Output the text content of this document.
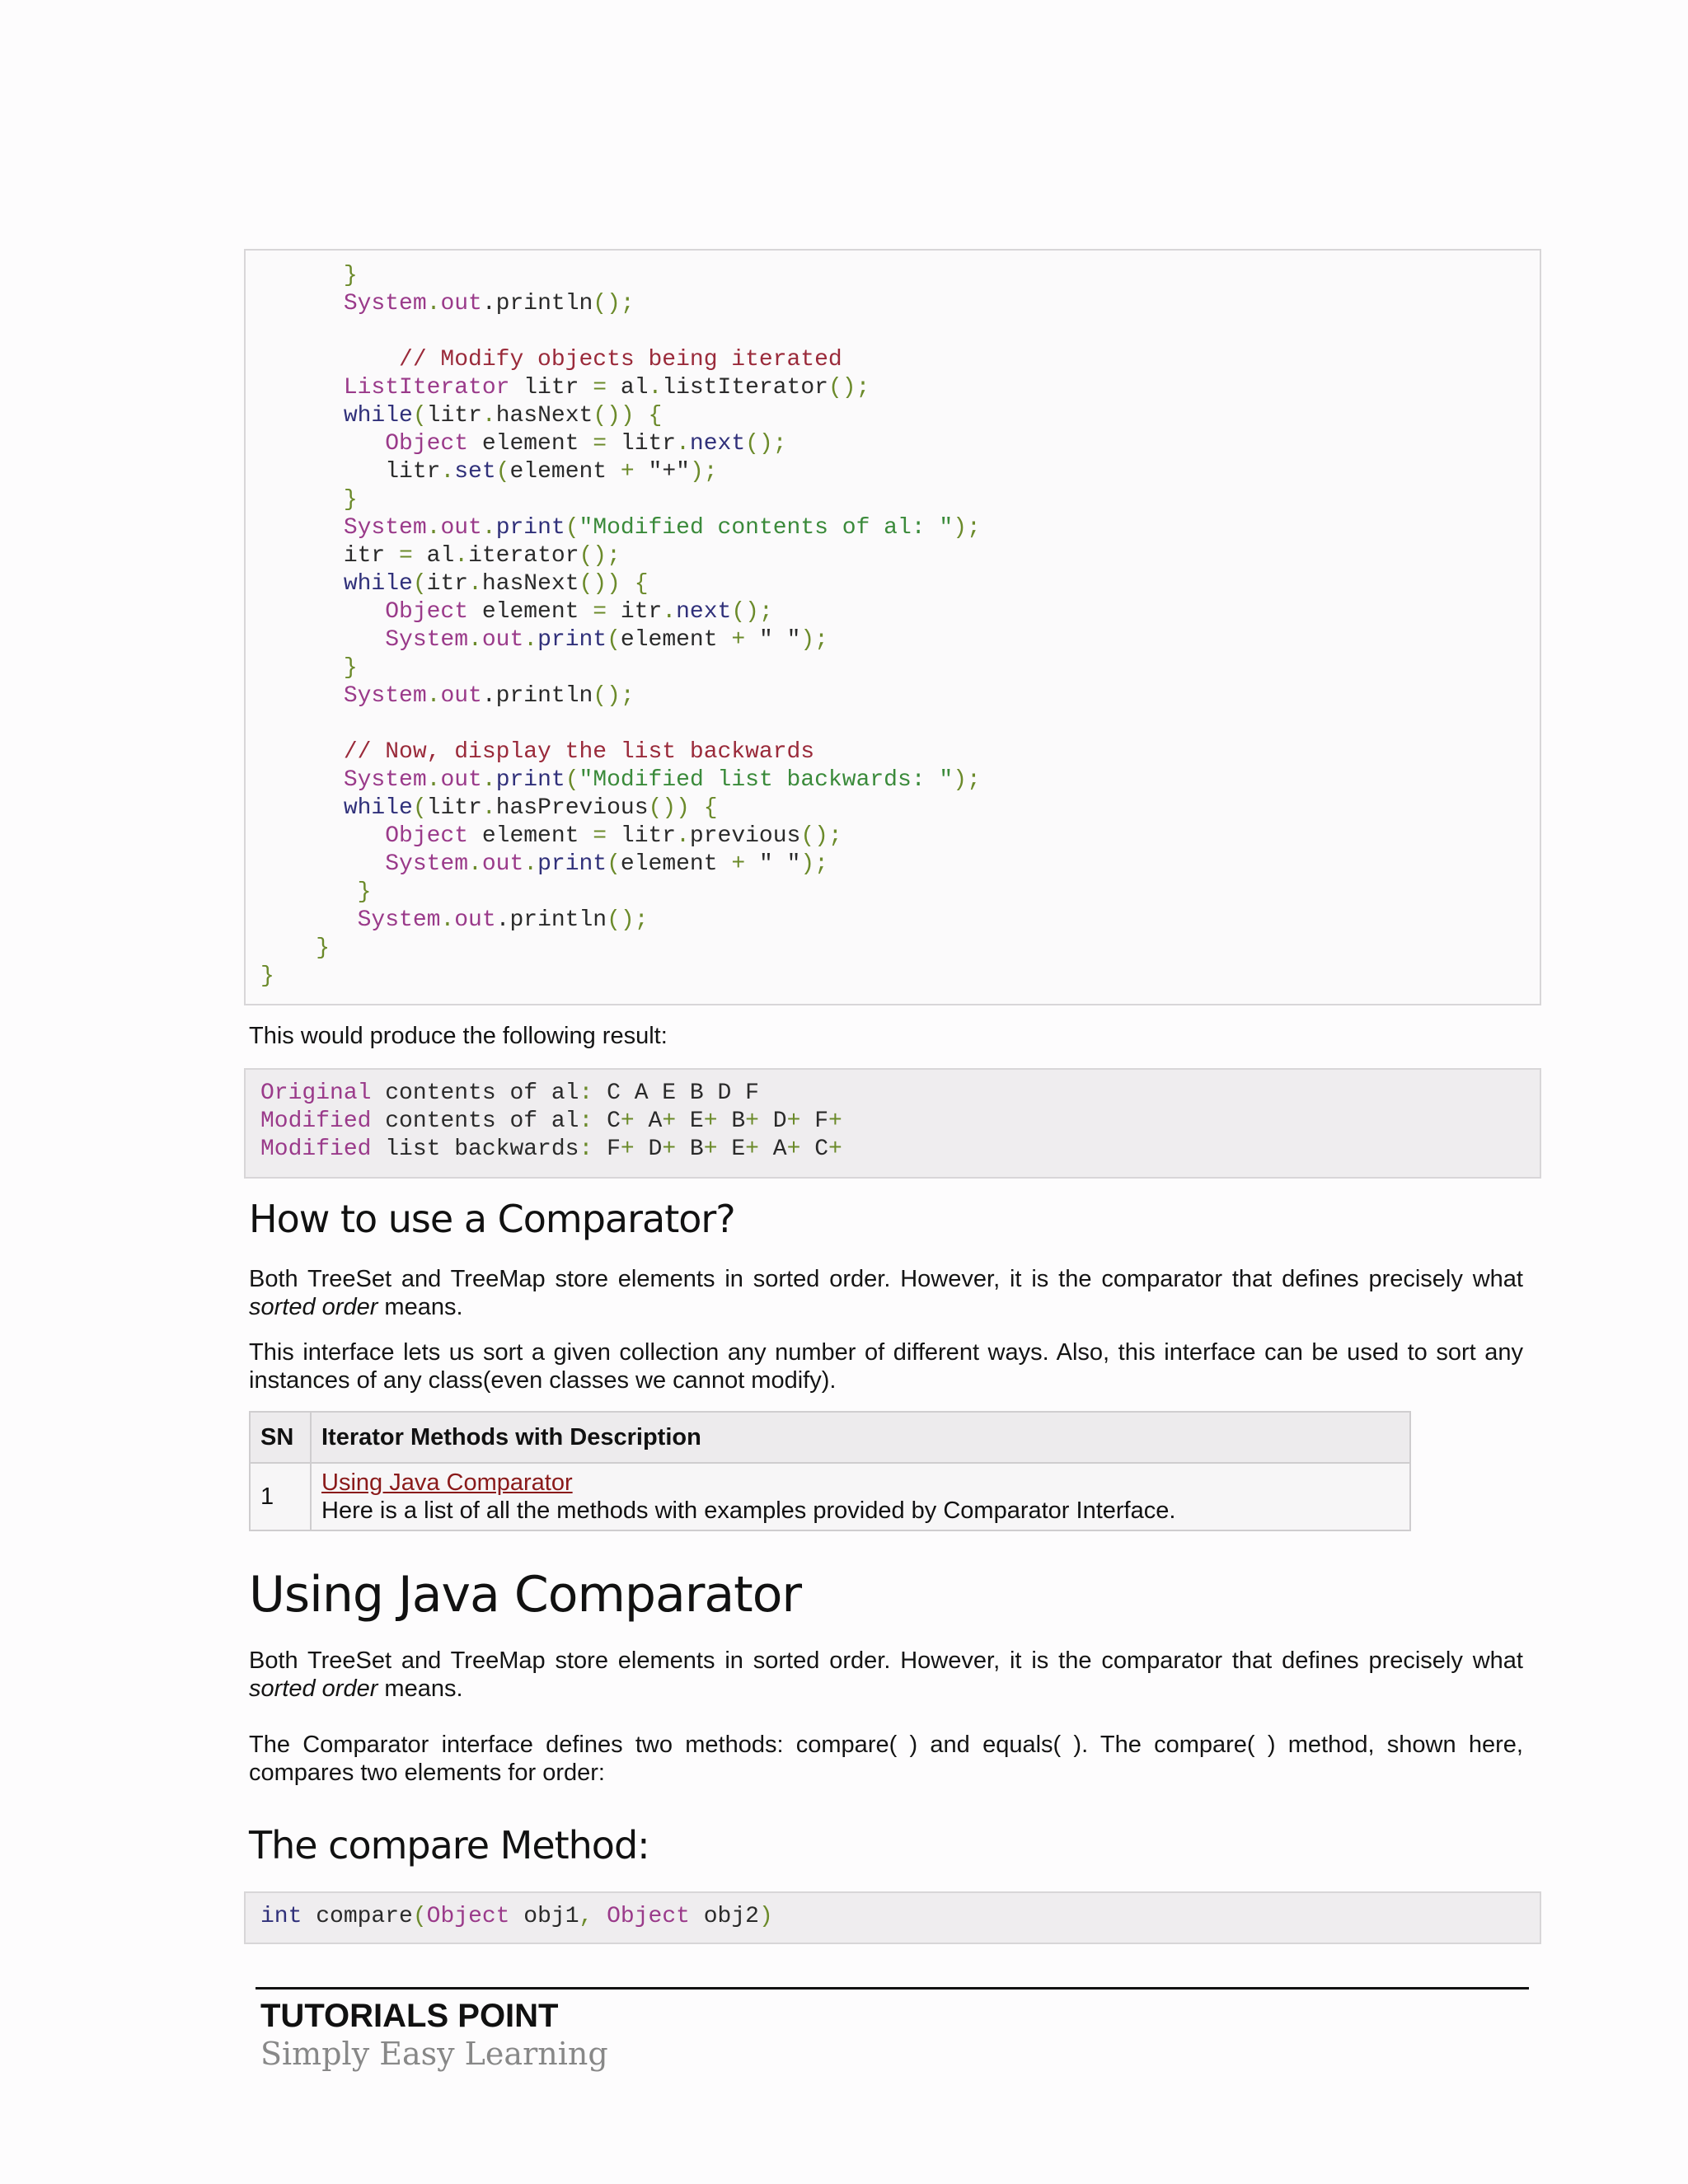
}
System.out.println();
// Modify objects being iterated
ListIterator litr = al.listIterator();
while(litr.hasNext()) {
Object element = litr.next();
litr.set(element + "+");
}
System.out.print("Modified contents of al: ");
itr = al.iterator();
while(itr.hasNext()) {
Object element = itr.next();
System.out.print(element + " ");
}
System.out.println();
// Now, display the list backwards
System.out.print("Modified list backwards: ");
while(litr.hasPrevious()) {
Object element = litr.previous();
System.out.print(element + " ");
}
System.out.println();
}
}

This would produce the following result:

Original contents of al: C A E B D F
Modified contents of al: C+ A+ E+ B+ D+ F+
Modified list backwards: F+ D+ B+ E+ A+ C+
How to use a Comparator?

Both TreeSet and TreeMap store elements in sorted order. However, it is the comparator that defines precisely what sorted order means.

This interface lets us sort a given collection any number of different ways. Also, this interface can be used to sort any instances of any class(even classes we cannot modify).

SN	Iterator Methods with Description
1	Using Java Comparator
Here is a list of all the methods with examples provided by Comparator Interface.
Using Java Comparator

Both TreeSet and TreeMap store elements in sorted order. However, it is the comparator that defines precisely what sorted order means.

The Comparator interface defines two methods: compare( ) and equals( ). The compare( ) method, shown here, compares two elements for order:

The compare Method:
int compare(Object obj1, Object obj2)
TUTORIALS POINT
Simply Easy Learning
